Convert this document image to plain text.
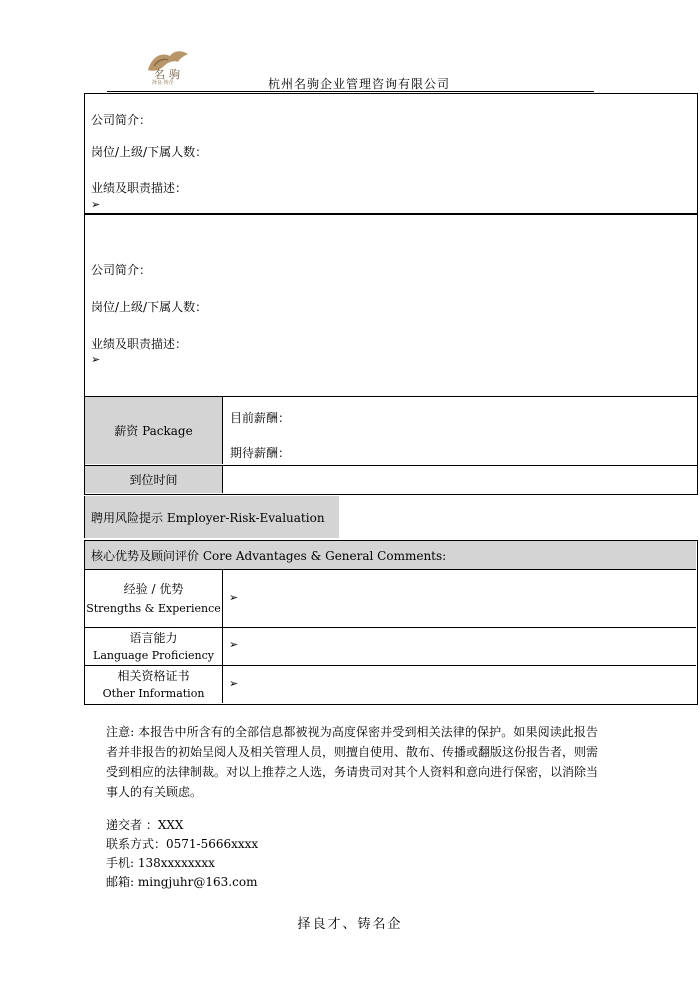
名驹
择良·铸企	杭州名驹企业管理咨询有限公司
公司简介：
岗位/上级/下属人数：
业绩及职责描述：
➢
公司简介：
岗位/上级/下属人数：
业绩及职责描述：
➢
薪资 Package
目前薪酬：
期待薪酬：
到位时间
聘用风险提示 Employer-Risk-Evaluation
核心优势及顾问评价 Core Advantages & General Comments:
经验 / 优势
Strengths & Experience
➢
语言能力
Language Proficiency
➢
相关资格证书
Other Information
➢
注意: 本报告中所含有的全部信息都被视为高度保密并受到相关法律的保护。如果阅读此报告者并非报告的初始呈阅人及相关管理人员，则擅自使用、散布、传播或翻版这份报告者，则需受到相应的法律制裁。对以上推荐之人选，务请贵司对其个人资料和意向进行保密，以消除当事人的有关顾虑。
递交者 ：XXX
联系方式：0571-5666xxxx
手机: 138xxxxxxxx
邮箱: mingjuhr@163.com
择良才、铸名企
